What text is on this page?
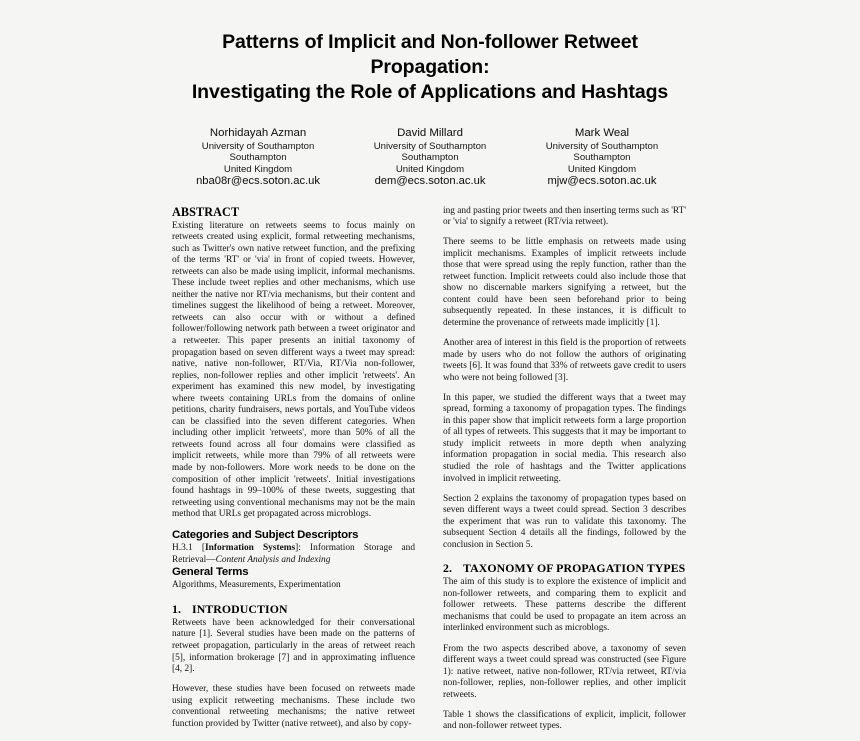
Patterns of Implicit and Non-follower Retweet Propagation:
Investigating the Role of Applications and Hashtags
Norhidayah Azman
University of Southampton
Southampton
United Kingdom
nba08r@ecs.soton.ac.uk
David Millard
University of Southampton
Southampton
United Kingdom
dem@ecs.soton.ac.uk
Mark Weal
University of Southampton
Southampton
United Kingdom
mjw@ecs.soton.ac.uk
ABSTRACT

Existing literature on retweets seems to focus mainly on retweets created using explicit, formal retweeting mechanisms, such as Twitter's own native retweet function, and the prefixing of the terms 'RT' or 'via' in front of copied tweets. However, retweets can also be made using implicit, informal mechanisms. These include tweet replies and other mechanisms, which use neither the native nor RT/via mechanisms, but their content and timelines suggest the likelihood of being a retweet. Moreover, retweets can also occur with or without a defined follower/following network path between a tweet originator and a retweeter. This paper presents an initial taxonomy of propagation based on seven different ways a tweet may spread: native, native non-follower, RT/Via, RT/Via non-follower, replies, non-follower replies and other implicit 'retweets'. An experiment has examined this new model, by investigating where tweets containing URLs from the domains of online petitions, charity fundraisers, news portals, and YouTube videos can be classified into the seven different categories. When including other implicit 'retweets', more than 50% of all the retweets found across all four domains were classified as implicit retweets, while more than 79% of all retweets were made by non-followers. More work needs to be done on the composition of other implicit 'retweets'. Initial investigations found hashtags in 99–100% of these tweets, suggesting that retweeting using conventional mechanisms may not be the main method that URLs get propagated across microblogs.

Categories and Subject Descriptors

H.3.1 [Information Systems]: Information Storage and Retrieval—Content Analysis and Indexing

General Terms

Algorithms, Measurements, Experimentation

1. INTRODUCTION

Retweets have been acknowledged for their conversational nature [1]. Several studies have been made on the patterns of retweet propagation, particularly in the areas of retweet reach [5], information brokerage [7] and in approximating influence [4, 2].

However, these studies have been focused on retweets made using explicit retweeting mechanisms. These include two conventional retweeting mechanisms; the native retweet function provided by Twitter (native retweet), and also by copy-

ing and pasting prior tweets and then inserting terms such as 'RT' or 'via' to signify a retweet (RT/via retweet).

There seems to be little emphasis on retweets made using implicit mechanisms. Examples of implicit retweets include those that were spread using the reply function, rather than the retweet function. Implicit retweets could also include those that show no discernable markers signifying a retweet, but the content could have been seen beforehand prior to being subsequently repeated. In these instances, it is difficult to determine the provenance of retweets made implicitly [1].

Another area of interest in this field is the proportion of retweets made by users who do not follow the authors of originating tweets [6]. It was found that 33% of retweets gave credit to users who were not being followed [3].

In this paper, we studied the different ways that a tweet may spread, forming a taxonomy of propagation types. The findings in this paper show that implicit retweets form a large proportion of all types of retweets. This suggests that it may be important to study implicit retweets in more depth when analyzing information propagation in social media. This research also studied the role of hashtags and the Twitter applications involved in implicit retweeting.

Section 2 explains the taxonomy of propagation types based on seven different ways a tweet could spread. Section 3 describes the experiment that was run to validate this taxonomy. The subsequent Section 4 details all the findings, followed by the conclusion in Section 5.

2. TAXONOMY OF PROPAGATION TYPES

The aim of this study is to explore the existence of implicit and non-follower retweets, and comparing them to explicit and follower retweets. These patterns describe the different mechanisms that could be used to propagate an item across an interlinked environment such as microblogs.

From the two aspects described above, a taxonomy of seven different ways a tweet could spread was constructed (see Figure 1): native retweet, native non-follower, RT/via retweet, RT/via non-follower, replies, non-follower replies, and other implicit retweets.

Table 1 shows the classifications of explicit, implicit, follower and non-follower retweet types.
